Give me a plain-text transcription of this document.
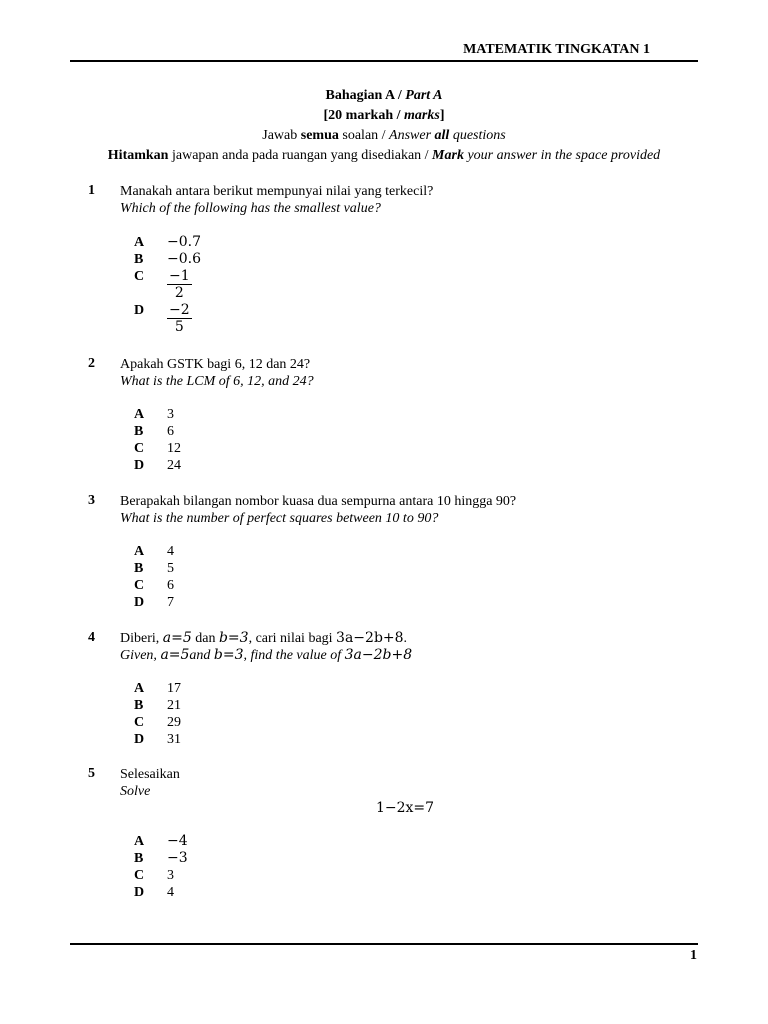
MATEMATIK TINGKATAN 1
Bahagian A / Part A
[20 markah / marks]
Jawab semua soalan / Answer all questions
Hitamkan jawapan anda pada ruangan yang disediakan / Mark your answer in the space provided
1 Manakah antara berikut mempunyai nilai yang terkecil?
Which of the following has the smallest value?
A −0.7
B −0.6
C $\frac{-1}{2}$
D $\frac{-2}{5}$
2 Apakah GSTK bagi 6, 12 dan 24?
What is the LCM of 6, 12, and 24?
A 3
B 6
C 12
D 24
3 Berapakah bilangan nombor kuasa dua sempurna antara 10 hingga 90?
What is the number of perfect squares between 10 to 90?
A 4
B 5
C 6
D 7
4 Diberi, a=5 dan b=3, cari nilai bagi 3a−2b+8.
Given, a=5and b=3, find the value of 3a−2b+8
A 17
B 21
C 29
D 31
5 Selesaikan
Solve
1−2x=7
A −4
B −3
C 3
D 4
1
